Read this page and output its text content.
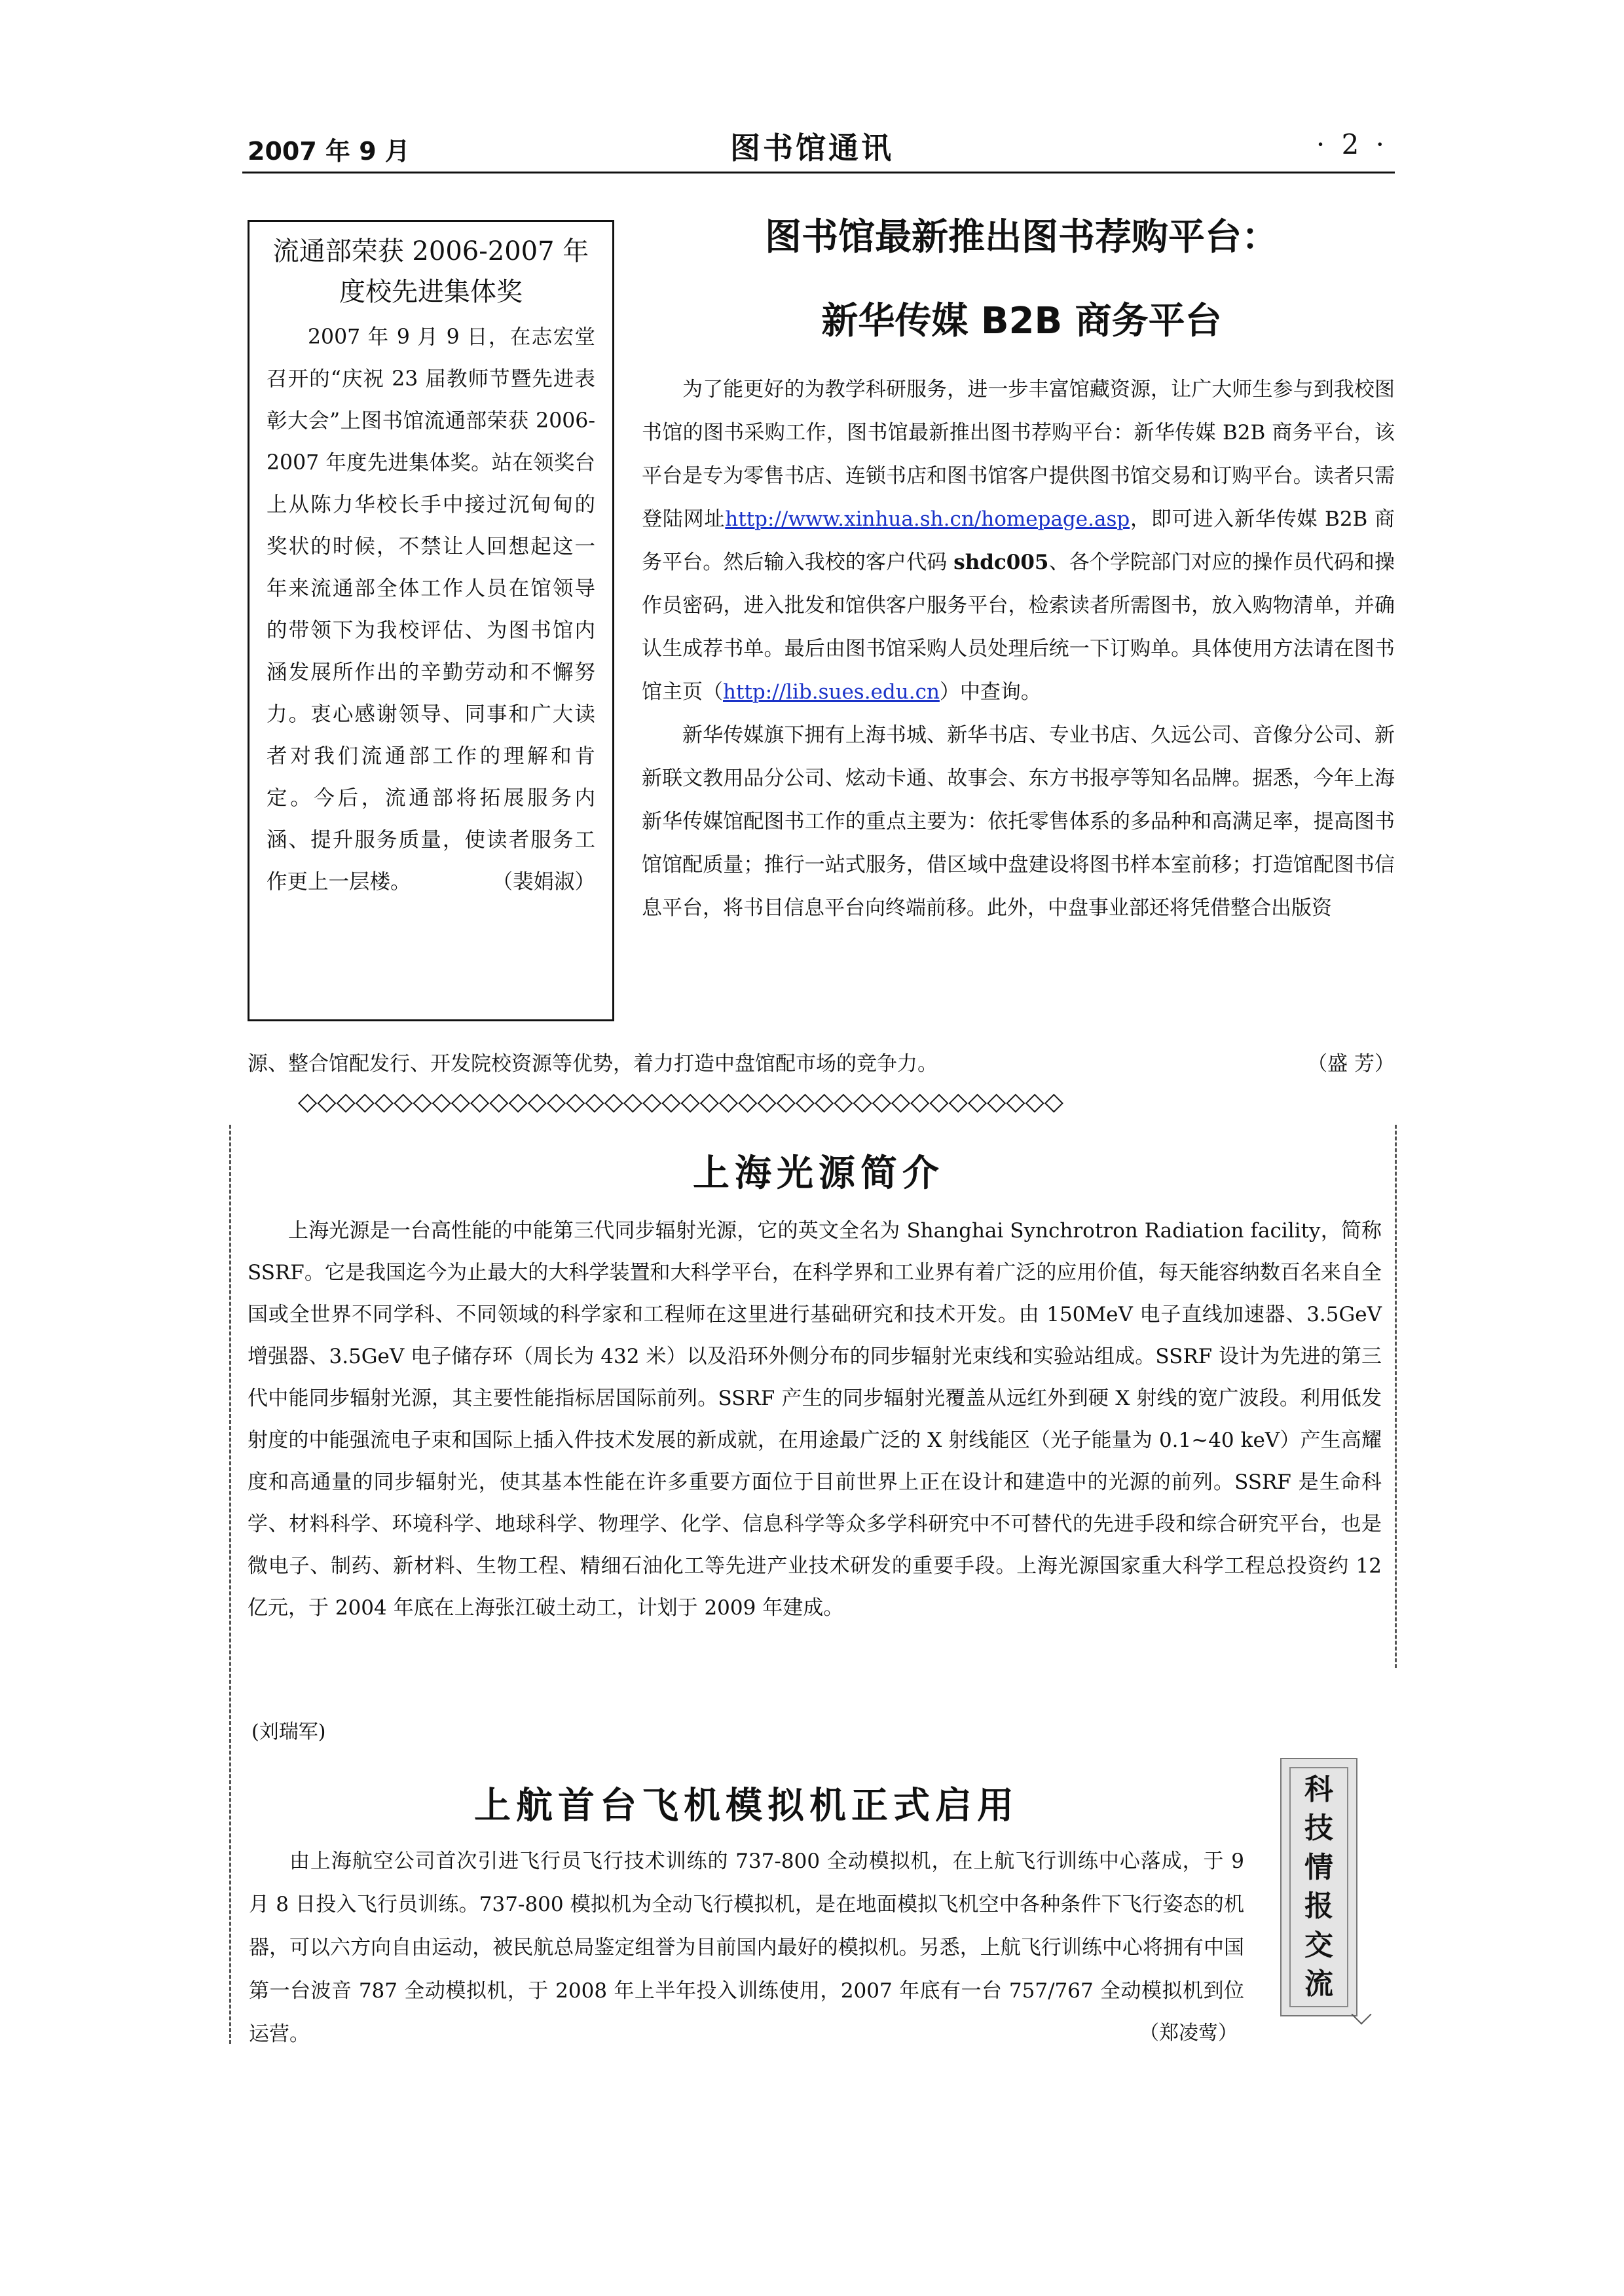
2007 年 9 月	图书馆通讯	· 2 ·

流通部荣获 2006-2007 年度校先进集体奖

2007 年 9 月 9 日，在志宏堂召开的“庆祝 23 届教师节暨先进表彰大会”上图书馆流通部荣获 2006-2007 年度先进集体奖。站在领奖台上从陈力华校长手中接过沉甸甸的奖状的时候，不禁让人回想起这一年来流通部全体工作人员在馆领导的带领下为我校评估、为图书馆内涵发展所作出的辛勤劳动和不懈努力。衷心感谢领导、同事和广大读者对我们流通部工作的理解和肯定。今后，流通部将拓展服务内涵、提升服务质量，使读者服务工作更上一层楼。	（裴娟淑）

图书馆最新推出图书荐购平台：
新华传媒 B2B 商务平台

为了能更好的为教学科研服务，进一步丰富馆藏资源，让广大师生参与到我校图书馆的图书采购工作，图书馆最新推出图书荐购平台：新华传媒 B2B 商务平台，该平台是专为零售书店、连锁书店和图书馆客户提供图书馆交易和订购平台。读者只需登陆网址http://www.xinhua.sh.cn/homepage.asp，即可进入新华传媒 B2B 商务平台。然后输入我校的客户代码 shdc005、各个学院部门对应的操作员代码和操作员密码，进入批发和馆供客户服务平台，检索读者所需图书，放入购物清单，并确认生成荐书单。最后由图书馆采购人员处理后统一下订购单。具体使用方法请在图书馆主页（http://lib.sues.edu.cn）中查询。

新华传媒旗下拥有上海书城、新华书店、专业书店、久远公司、音像分公司、新新联文教用品分公司、炫动卡通、故事会、东方书报亭等知名品牌。据悉，今年上海新华传媒馆配图书工作的重点主要为：依托零售体系的多品种和高满足率，提高图书馆馆配质量；推行一站式服务，借区域中盘建设将图书样本室前移；打造馆配图书信息平台，将书目信息平台向终端前移。此外，中盘事业部还将凭借整合出版资

源、整合馆配发行、开发院校资源等优势，着力打造中盘馆配市场的竞争力。	（盛 芳）
◇◇◇◇◇◇◇◇◇◇◇◇◇◇◇◇◇◇◇◇◇◇◇◇◇◇◇◇◇◇◇◇◇◇◇◇◇◇◇◇
上海光源简介

上海光源是一台高性能的中能第三代同步辐射光源，它的英文全名为 Shanghai Synchrotron Radiation facility，简称 SSRF。它是我国迄今为止最大的大科学装置和大科学平台，在科学界和工业界有着广泛的应用价值，每天能容纳数百名来自全国或全世界不同学科、不同领域的科学家和工程师在这里进行基础研究和技术开发。由 150MeV 电子直线加速器、3.5GeV 增强器、3.5GeV 电子储存环（周长为 432 米）以及沿环外侧分布的同步辐射光束线和实验站组成。SSRF 设计为先进的第三代中能同步辐射光源，其主要性能指标居国际前列。SSRF 产生的同步辐射光覆盖从远红外到硬 X 射线的宽广波段。利用低发射度的中能强流电子束和国际上插入件技术发展的新成就，在用途最广泛的 X 射线能区（光子能量为 0.1~40 keV）产生高耀度和高通量的同步辐射光，使其基本性能在许多重要方面位于目前世界上正在设计和建造中的光源的前列。SSRF 是生命科学、材料科学、环境科学、地球科学、物理学、化学、信息科学等众多学科研究中不可替代的先进手段和综合研究平台，也是微电子、制药、新材料、生物工程、精细石油化工等先进产业技术研发的重要手段。上海光源国家重大科学工程总投资约 12 亿元，于 2004 年底在上海张江破土动工，计划于 2009 年建成。

(刘瑞军)
上航首台飞机模拟机正式启用

由上海航空公司首次引进飞行员飞行技术训练的 737-800 全动模拟机，在上航飞行训练中心落成，于 9 月 8 日投入飞行员训练。737-800 模拟机为全动飞行模拟机，是在地面模拟飞机空中各种条件下飞行姿态的机器，可以六方向自由运动，被民航总局鉴定组誉为目前国内最好的模拟机。另悉，上航飞行训练中心将拥有中国第一台波音 787 全动模拟机，于 2008 年上半年投入训练使用，2007 年底有一台 757/767 全动模拟机到位运营。	（郑凌莺）
科
技
情
报
交
流
